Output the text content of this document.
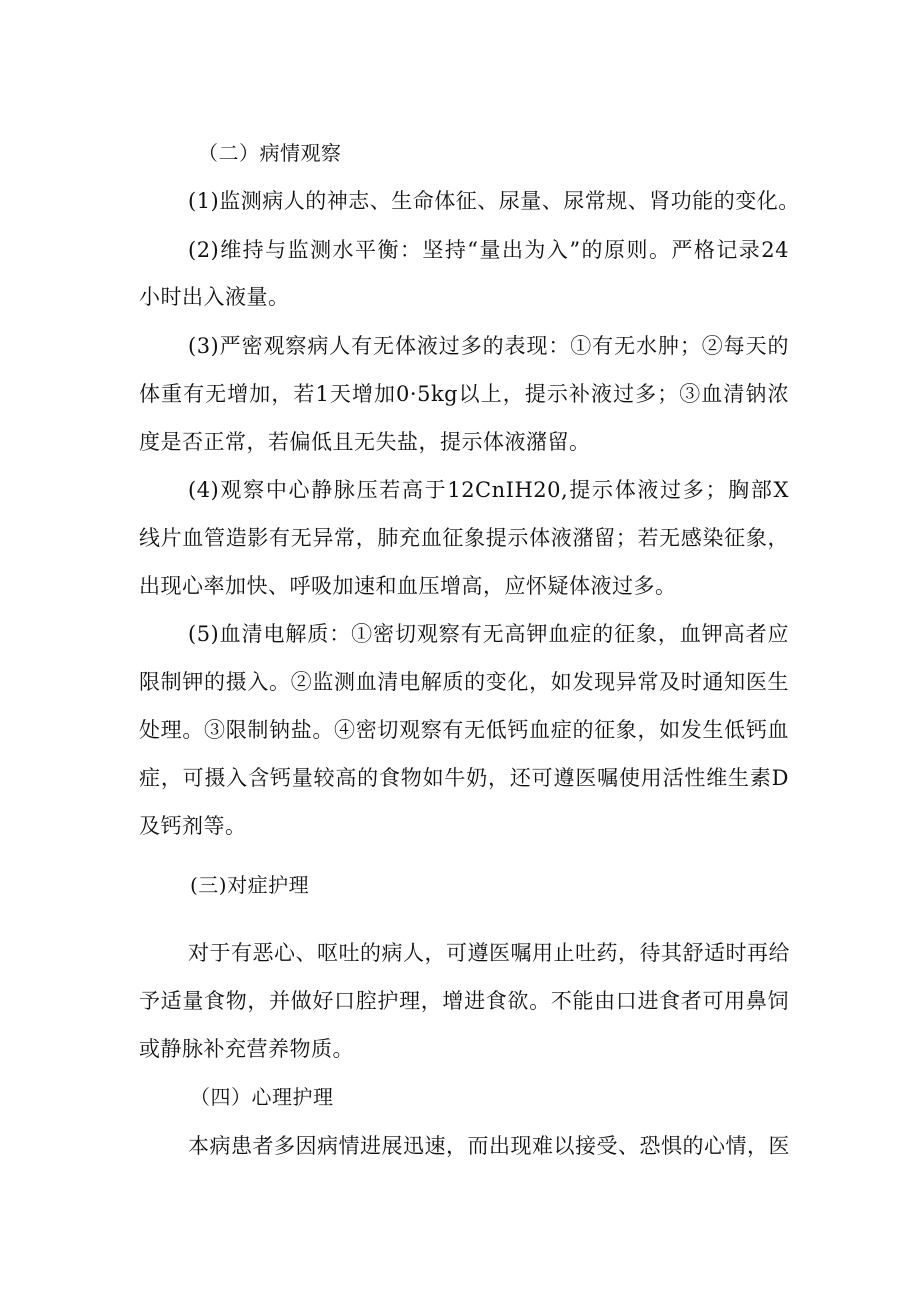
（二）病情观察
(1)监测病人的神志、生命体征、尿量、尿常规、肾功能的变化。
(2)维持与监测水平衡：坚持“量出为入”的原则。严格记录24
小时出入液量。
(3)严密观察病人有无体液过多的表现：①有无水肿；②每天的
体重有无增加，若1天增加0·5kg以上，提示补液过多；③血清钠浓
度是否正常，若偏低且无失盐，提示体液潴留。
(4)观察中心静脉压若高于12CnIH20,提示体液过多；胸部X
线片血管造影有无异常，肺充血征象提示体液潴留；若无感染征象，
出现心率加快、呼吸加速和血压增高，应怀疑体液过多。
(5)血清电解质：①密切观察有无高钾血症的征象，血钾高者应
限制钾的摄入。②监测血清电解质的变化，如发现异常及时通知医生
处理。③限制钠盐。④密切观察有无低钙血症的征象，如发生低钙血
症，可摄入含钙量较高的食物如牛奶，还可遵医嘱使用活性维生素D
及钙剂等。
(三)对症护理
对于有恶心、呕吐的病人，可遵医嘱用止吐药，待其舒适时再给
予适量食物，并做好口腔护理，增进食欲。不能由口进食者可用鼻饲
或静脉补充营养物质。
（四）心理护理
本病患者多因病情进展迅速，而出现难以接受、恐惧的心情，医
